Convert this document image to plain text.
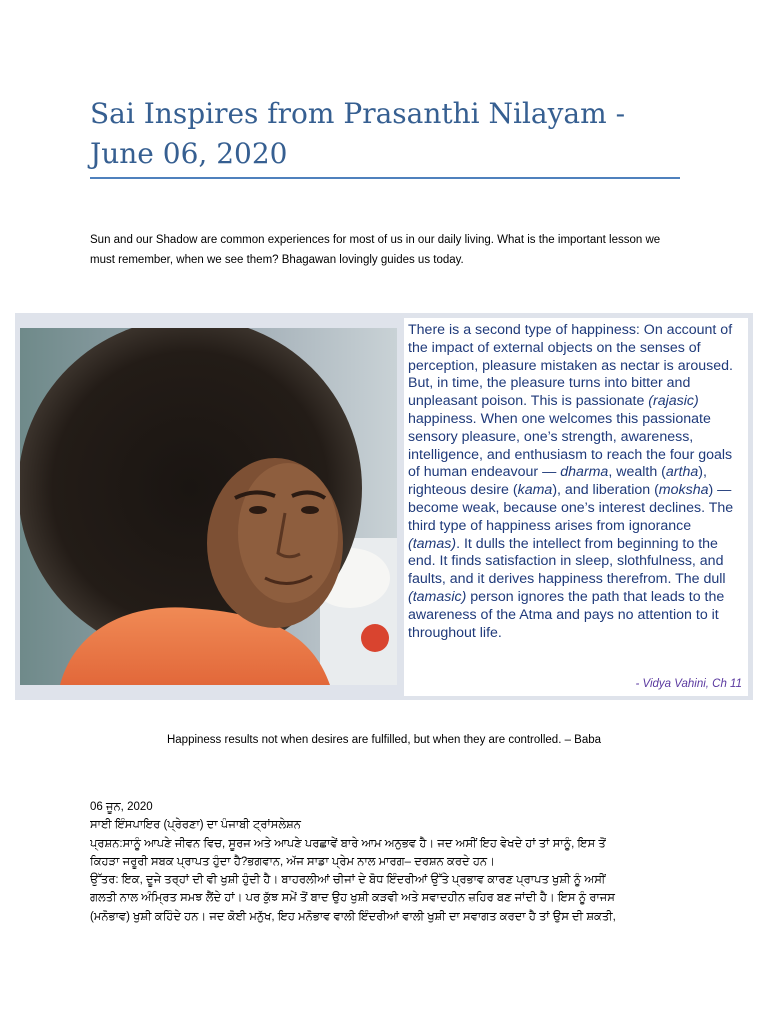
Sai Inspires from Prasanthi Nilayam -
June 06, 2020

Sun and our Shadow are common experiences for most of us in our daily living. What is the important lesson we must remember, when we see them? Bhagawan lovingly guides us today.

There is a second type of happiness: On account of the impact of external objects on the senses of perception, pleasure mistaken as nectar is aroused. But, in time, the pleasure turns into bitter and unpleasant poison. This is passionate (rajasic) happiness. When one welcomes this passionate sensory pleasure, one’s strength, awareness, intelligence, and enthusiasm to reach the four goals of human endeavour — dharma, wealth (artha), righteous desire (kama), and liberation (moksha) — become weak, because one’s interest declines. The third type of happiness arises from ignorance (tamas). It dulls the intellect from beginning to the end. It finds satisfaction in sleep, slothfulness, and faults, and it derives happiness therefrom. The dull (tamasic) person ignores the path that leads to the awareness of the Atma and pays no attention to it throughout life.

- Vidya Vahini, Ch 11
Happiness results not when desires are fulfilled, but when they are controlled. – Baba
06 ਜੂਨ, 2020
ਸਾਈ ਇੰਸਪਾਇਰ (ਪ੍ਰੇਰਣਾ) ਦਾ ਪੰਜਾਬੀ ਟ੍ਰਾਂਸਲੇਸ਼ਨ
ਪ੍ਰਸ਼ਨ:ਸਾਨੂੰ ਆਪਣੇ ਜੀਵਨ ਵਿਚ, ਸੂਰਜ ਅਤੇ ਆਪਣੇ ਪਰਛਾਵੇਂ ਬਾਰੇ ਆਮ ਅਨੁਭਵ ਹੈ। ਜਦ ਅਸੀਂ ਇਹ ਵੇਖਦੇ ਹਾਂ ਤਾਂ ਸਾਨੂੰ, ਇਸ ਤੋਂ
ਕਿਹੜਾ ਜਰੂਰੀ ਸਬਕ ਪ੍ਰਾਪਤ ਹੁੰਦਾ ਹੈ?ਭਗਵਾਨ, ਅੱਜ ਸਾਡਾ ਪ੍ਰੇਮ ਨਾਲ ਮਾਰਗ– ਦਰਸ਼ਨ ਕਰਦੇ ਹਨ।
ਉੱਤਰ: ਇਕ, ਦੂਜੇ ਤਰ੍ਹਾਂ ਦੀ ਵੀ ਖੁਸ਼ੀ ਹੁੰਦੀ ਹੈ। ਬਾਹਰਲੀਆਂ ਚੀਜਾਂ ਦੇ ਬੋਧ ਇੰਦਰੀਆਂ ਉੱਤੇ ਪ੍ਰਭਾਵ ਕਾਰਣ ਪ੍ਰਾਪਤ ਖੁਸ਼ੀ ਨੂੰ ਅਸੀਂ
ਗਲਤੀ ਨਾਲ ਅੰਮ੍ਰਿਤ ਸਮਝ ਲੈਂਦੇ ਹਾਂ। ਪਰ ਕੁੱਝ ਸਮੇਂ ਤੋਂ ਬਾਦ ਉਹ ਖੁਸ਼ੀ ਕੜਵੀ ਅਤੇ ਸਵਾਦਹੀਨ ਜ਼ਹਿਰ ਬਣ ਜਾਂਦੀ ਹੈ। ਇਸ ਨੂੰ ਰਾਜਸ
(ਮਨੋਭਾਵ) ਖੁਸ਼ੀ ਕਹਿੰਦੇ ਹਨ। ਜਦ ਕੋਈ ਮਨੁੱਖ, ਇਹ ਮਨੋਭਾਵ ਵਾਲੀ ਇੰਦਰੀਆਂ ਵਾਲੀ ਖੁਸ਼ੀ ਦਾ ਸਵਾਗਤ ਕਰਦਾ ਹੈ ਤਾਂ ਉਸ ਦੀ ਸ਼ਕਤੀ,
